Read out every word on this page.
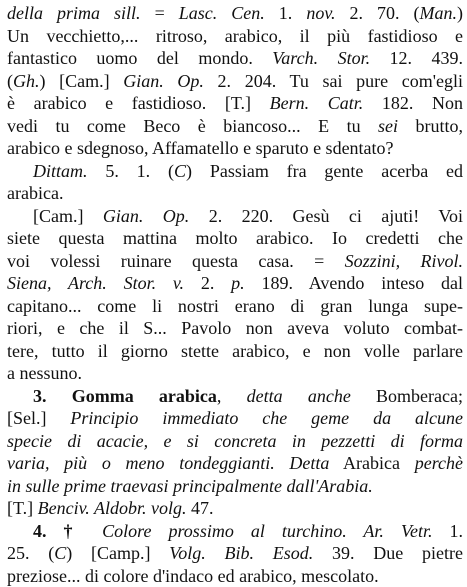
della prima sill. = Lasc. Cen. 1. nov. 2. 70. (Man.)
Un vecchietto,... ritroso, arabico, il più fastidioso e
fantastico uomo del mondo. Varch. Stor. 12. 439.
(Gh.) [Cam.] Gian. Op. 2. 204. Tu sai pure com'egli
è arabico e fastidioso. [T.] Bern. Catr. 182. Non
vedi tu come Beco è biancoso... E tu sei brutto,
arabico e sdegnoso, Affamatello e sparuto e sdentato?
Dittam. 5. 1. (C) Passiam fra gente acerba ed
arabica.
[Cam.] Gian. Op. 2. 220. Gesù ci ajuti! Voi
siete questa mattina molto arabico. Io credetti che
voi volessi ruinare questa casa. = Sozzini, Rivol.
Siena, Arch. Stor. v. 2. p. 189. Avendo inteso dal
capitano... come li nostri erano di gran lunga supe-
riori, e che il S... Pavolo non aveva voluto combat-
tere, tutto il giorno stette arabico, e non volle parlare
a nessuno.
3. Gomma arabica, detta anche Bomberaca;
[Sel.] Principio immediato che geme da alcune
specie di acacie, e si concreta in pezzetti di forma
varia, più o meno tondeggianti. Detta Arabica perchè
in sulle prime traevasi principalmente dall'Arabia.
[T.] Benciv. Aldobr. volg. 47.
4. † Colore prossimo al turchino. Ar. Vetr. 1.
25. (C) [Camp.] Volg. Bib. Esod. 39. Due pietre
preziose... di colore d'indaco ed arabico, mescolato.
